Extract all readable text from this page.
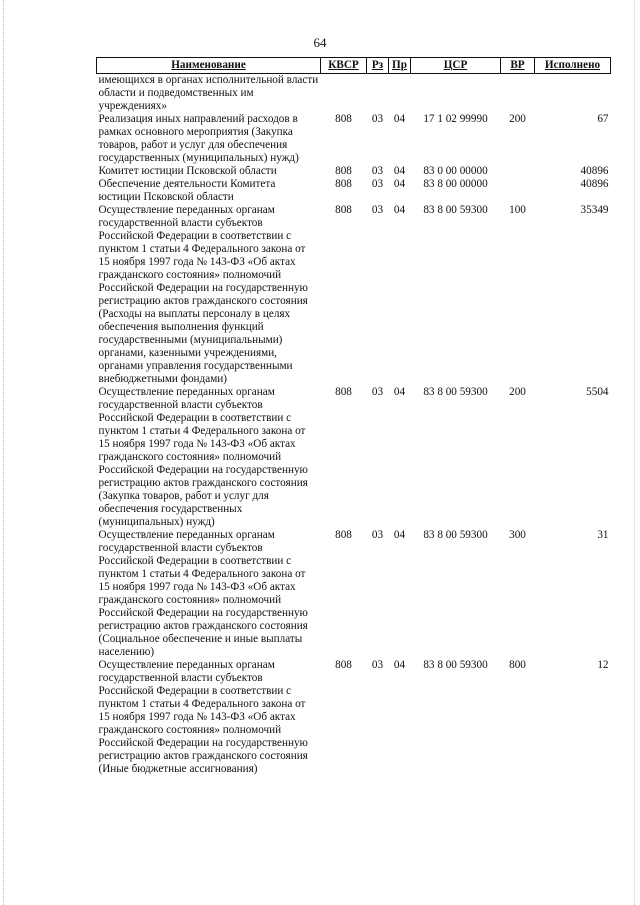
64
Наименование	КВСР	Рз	Пр	ЦСР	ВР	Исполнено
имеющихся в органах исполнительной власти области и подведомственных им учреждениях»						
Реализация иных направлений расходов в рамках основного мероприятия (Закупка товаров, работ и услуг для обеспечения государственных (муниципальных) нужд)	808	03	04	17 1 02 99990	200	67
Комитет юстиции Псковской области	808	03	04	83 0 00 00000		40896
Обеспечение деятельности Комитета юстиции Псковской области	808	03	04	83 8 00 00000		40896
Осуществление переданных органам государственной власти субъектов Российской Федерации в соответствии с пунктом 1 статьи 4 Федерального закона от 15 ноября 1997 года № 143-ФЗ «Об актах гражданского состояния» полномочий Российской Федерации на государственную регистрацию актов гражданского состояния (Расходы на выплаты персоналу в целях обеспечения выполнения функций государственными (муниципальными) органами, казенными учреждениями, органами управления государственными внебюджетными фондами)	808	03	04	83 8 00 59300	100	35349
Осуществление переданных органам государственной власти субъектов Российской Федерации в соответствии с пунктом 1 статьи 4 Федерального закона от 15 ноября 1997 года № 143-ФЗ «Об актах гражданского состояния» полномочий Российской Федерации на государственную регистрацию актов гражданского состояния (Закупка товаров, работ и услуг для обеспечения государственных (муниципальных) нужд)	808	03	04	83 8 00 59300	200	5504
Осуществление переданных органам государственной власти субъектов Российской Федерации в соответствии с пунктом 1 статьи 4 Федерального закона от 15 ноября 1997 года № 143-ФЗ «Об актах гражданского состояния» полномочий Российской Федерации на государственную регистрацию актов гражданского состояния (Социальное обеспечение и иные выплаты населению)	808	03	04	83 8 00 59300	300	31
Осуществление переданных органам государственной власти субъектов Российской Федерации в соответствии с пунктом 1 статьи 4 Федерального закона от 15 ноября 1997 года № 143-ФЗ «Об актах гражданского состояния» полномочий Российской Федерации на государственную регистрацию актов гражданского состояния (Иные бюджетные ассигнования)	808	03	04	83 8 00 59300	800	12
